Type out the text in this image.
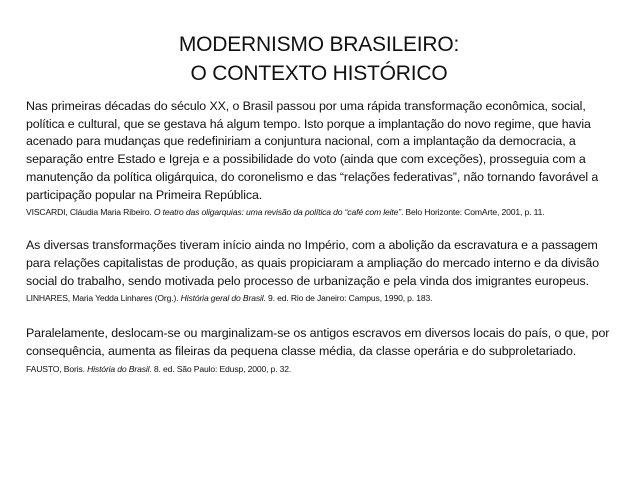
MODERNISMO BRASILEIRO:
O CONTEXTO HISTÓRICO

Nas primeiras décadas do século XX, o Brasil passou por uma rápida transformação econômica, social, política e cultural, que se gestava há algum tempo. Isto porque a implantação do novo regime, que havia acenado para mudanças que redefiniriam a conjuntura nacional, com a implantação da democracia, a separação entre Estado e Igreja e a possibilidade do voto (ainda que com exceções), prosseguia com a manutenção da política oligárquica, do coronelismo e das “relações federativas”, não tornando favorável a participação popular na Primeira República.

VISCARDI, Cláudia Maria Ribeiro. O teatro das oligarquias: uma revisão da política do “café com leite”. Belo Horizonte: ComArte, 2001, p. 11.

As diversas transformações tiveram início ainda no Império, com a abolição da escravatura e a passagem para relações capitalistas de produção, as quais propiciaram a ampliação do mercado interno e da divisão social do trabalho, sendo motivada pelo processo de urbanização e pela vinda dos imigrantes europeus.

LINHARES, Maria Yedda Linhares (Org.). História geral do Brasil. 9. ed. Rio de Janeiro: Campus, 1990, p. 183.

Paralelamente, deslocam-se ou marginalizam-se os antigos escravos em diversos locais do país, o que, por consequência, aumenta as fileiras da pequena classe média, da classe operária e do subproletariado.

FAUSTO, Boris. História do Brasil. 8. ed. São Paulo: Edusp, 2000, p. 32.
